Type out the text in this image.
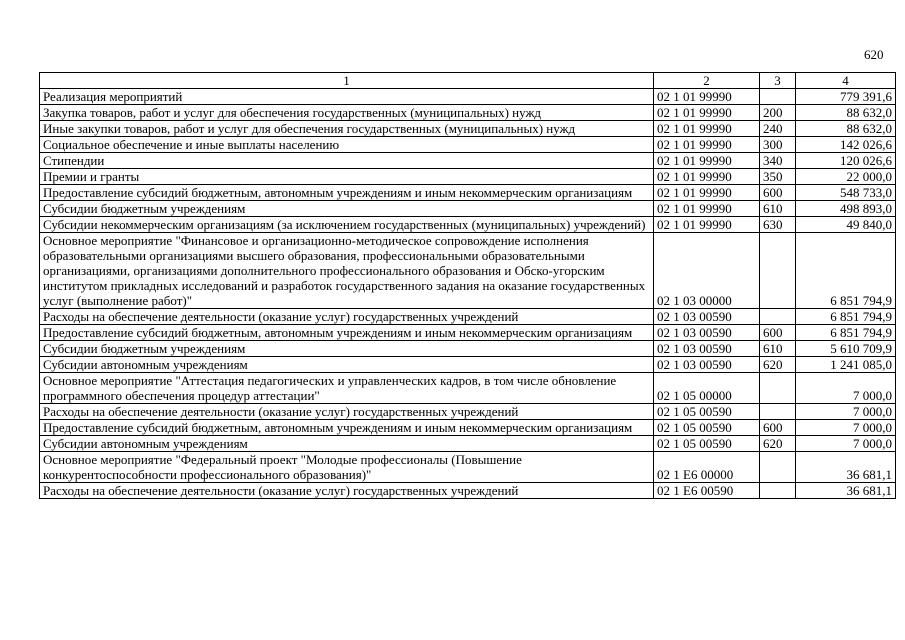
620
1	2	3	4
Реализация мероприятий	02 1 01 99990		779 391,6
Закупка товаров, работ и услуг для обеспечения государственных (муниципальных) нужд	02 1 01 99990	200	88 632,0
Иные закупки товаров, работ и услуг для обеспечения государственных (муниципальных) нужд	02 1 01 99990	240	88 632,0
Социальное обеспечение и иные выплаты населению	02 1 01 99990	300	142 026,6
Стипендии	02 1 01 99990	340	120 026,6
Премии и гранты	02 1 01 99990	350	22 000,0
Предоставление субсидий бюджетным, автономным учреждениям и иным некоммерческим организациям	02 1 01 99990	600	548 733,0
Субсидии бюджетным учреждениям	02 1 01 99990	610	498 893,0
Субсидии некоммерческим организациям (за исключением государственных (муниципальных) учреждений)	02 1 01 99990	630	49 840,0
Основное мероприятие "Финансовое и организационно-методическое сопровождение исполнения образовательными организациями высшего образования, профессиональными образовательными организациями, организациями дополнительного профессионального образования и Обско-угорским институтом прикладных исследований и разработок государственного задания на оказание государственных услуг (выполнение работ)"	02 1 03 00000		6 851 794,9
Расходы на обеспечение деятельности (оказание услуг) государственных учреждений	02 1 03 00590		6 851 794,9
Предоставление субсидий бюджетным, автономным учреждениям и иным некоммерческим организациям	02 1 03 00590	600	6 851 794,9
Субсидии бюджетным учреждениям	02 1 03 00590	610	5 610 709,9
Субсидии автономным учреждениям	02 1 03 00590	620	1 241 085,0
Основное мероприятие "Аттестация педагогических и управленческих кадров, в том числе обновление программного обеспечения процедур аттестации"	02 1 05 00000		7 000,0
Расходы на обеспечение деятельности (оказание услуг) государственных учреждений	02 1 05 00590		7 000,0
Предоставление субсидий бюджетным, автономным учреждениям и иным некоммерческим организациям	02 1 05 00590	600	7 000,0
Субсидии автономным учреждениям	02 1 05 00590	620	7 000,0
Основное мероприятие "Федеральный проект "Молодые профессионалы (Повышение конкурентоспособности профессионального образования)"	02 1 E6 00000		36 681,1
Расходы на обеспечение деятельности (оказание услуг) государственных учреждений	02 1 E6 00590		36 681,1
